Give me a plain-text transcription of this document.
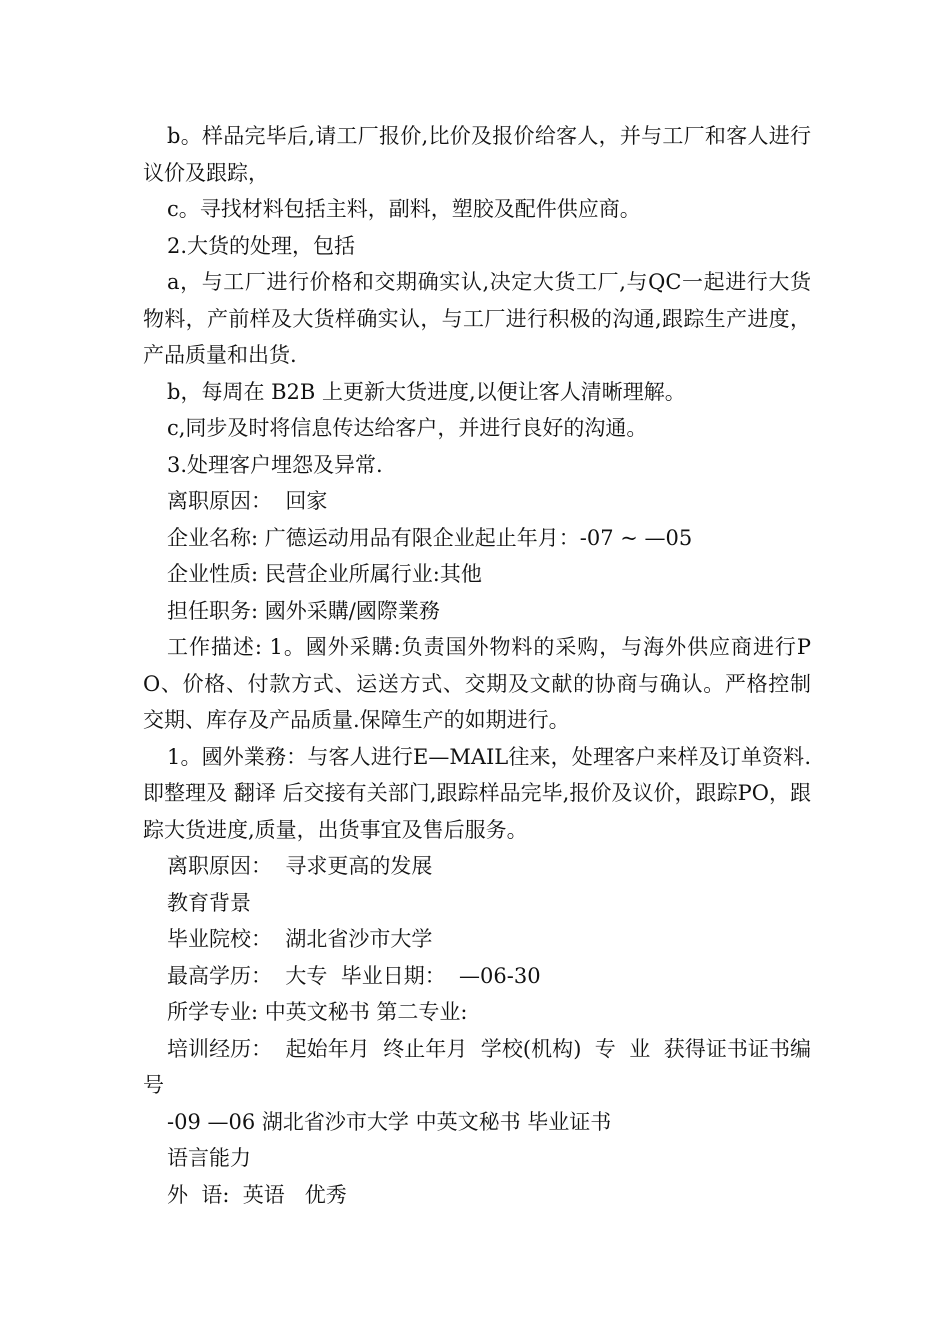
b。样品完毕后,请工厂报价,比价及报价给客人，并与工厂和客人进行议价及跟踪，

c。寻找材料包括主料，副料，塑胶及配件供应商。

2.大货的处理，包括

a，与工厂进行价格和交期确实认,决定大货工厂,与QC一起进行大货物料，产前样及大货样确实认，与工厂进行积极的沟通,跟踪生产进度，产品质量和出货.

b，每周在 B2B 上更新大货进度,以便让客人清晰理解。

c,同步及时将信息传达给客户，并进行良好的沟通。

3.处理客户埋怨及异常.

离职原因：  回家

企业名称: 广德运动用品有限企业起止年月：-07 ~ —05

企业性质: 民营企业所属行业:其他

担任职务: 國外采購/國際業務

工作描述: 1。國外采購:负责国外物料的采购，与海外供应商进行PO、价格、付款方式、运送方式、交期及文献的协商与确认。严格控制交期、库存及产品质量.保障生产的如期进行。

1。國外業務：与客人进行E—MAIL往来，处理客户来样及订单资料.即整理及 翻译 后交接有关部门,跟踪样品完毕,报价及议价，跟踪PO，跟踪大货进度,质量，出货事宜及售后服务。

离职原因：  寻求更高的发展

教育背景

毕业院校：  湖北省沙市大学

最高学历：  大专  毕业日期：  —06-30

所学专业: 中英文秘书 第二专业:

培训经历：  起始年月  终止年月  学校(机构)  专  业  获得证书证书编号

-09 —06 湖北省沙市大学 中英文秘书 毕业证书

语言能力

外  语:  英语   优秀
